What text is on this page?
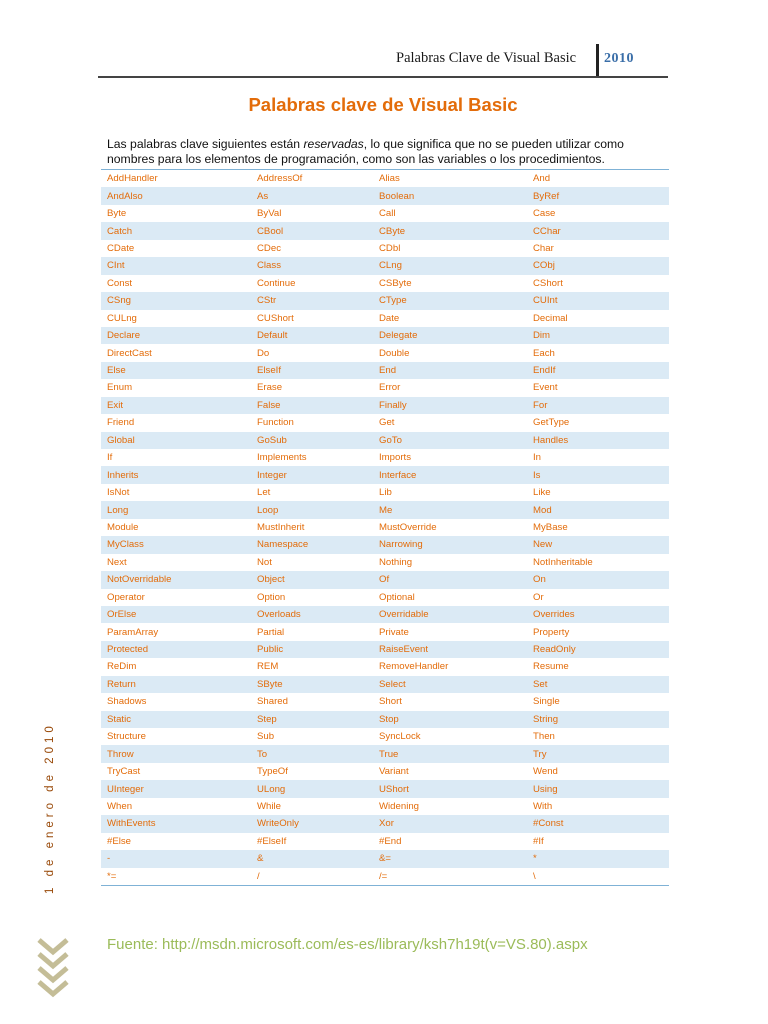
Palabras Clave de Visual Basic 2010
Palabras clave de Visual Basic
Las palabras clave siguientes están reservadas, lo que significa que no se pueden utilizar como nombres para los elementos de programación, como son las variables o los procedimientos.
AddHandler	AddressOf	Alias	And
AndAlso	As	Boolean	ByRef
Byte	ByVal	Call	Case
Catch	CBool	CByte	CChar
CDate	CDec	CDbl	Char
CInt	Class	CLng	CObj
Const	Continue	CSByte	CShort
CSng	CStr	CType	CUInt
CULng	CUShort	Date	Decimal
Declare	Default	Delegate	Dim
DirectCast	Do	Double	Each
Else	ElseIf	End	EndIf
Enum	Erase	Error	Event
Exit	False	Finally	For
Friend	Function	Get	GetType
Global	GoSub	GoTo	Handles
If	Implements	Imports	In
Inherits	Integer	Interface	Is
IsNot	Let	Lib	Like
Long	Loop	Me	Mod
Module	MustInherit	MustOverride	MyBase
MyClass	Namespace	Narrowing	New
Next	Not	Nothing	NotInheritable
NotOverridable	Object	Of	On
Operator	Option	Optional	Or
OrElse	Overloads	Overridable	Overrides
ParamArray	Partial	Private	Property
Protected	Public	RaiseEvent	ReadOnly
ReDim	REM	RemoveHandler	Resume
Return	SByte	Select	Set
Shadows	Shared	Short	Single
Static	Step	Stop	String
Structure	Sub	SyncLock	Then
Throw	To	True	Try
TryCast	TypeOf	Variant	Wend
UInteger	ULong	UShort	Using
When	While	Widening	With
WithEvents	WriteOnly	Xor	#Const
#Else	#ElseIf	#End	#If
-	&	&=	*
*=	/	/=	\
Fuente: http://msdn.microsoft.com/es-es/library/ksh7h19t(v=VS.80).aspx
1 de enero de 2010
